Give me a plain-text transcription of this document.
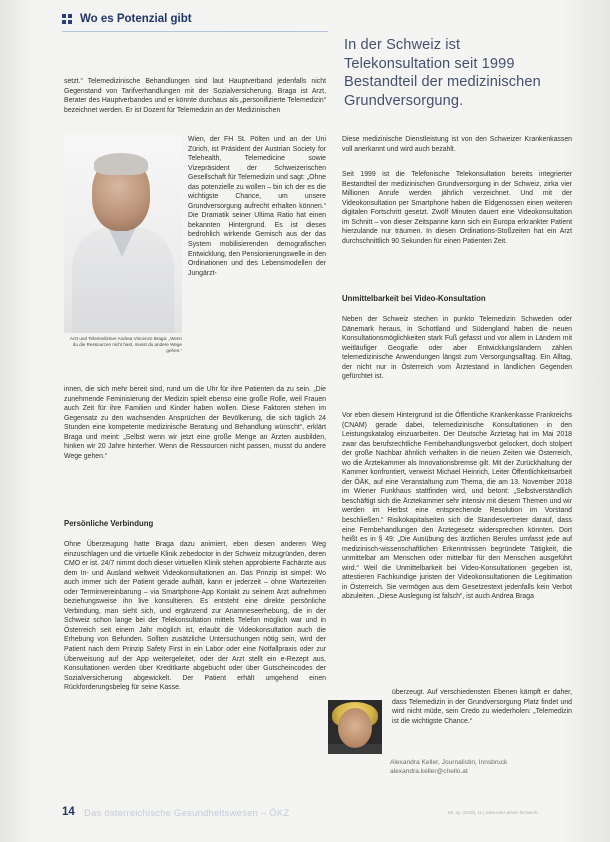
Wo es Potenzial gibt
In der Schweiz ist Telekonsultation seit 1999 Bestandteil der medizinischen Grundversorgung.

setzt.“ Telemedizinische Behandlungen sind laut Hauptverband jedenfalls nicht Gegenstand von Tarifverhandlungen mit der Sozialversicherung. Braga ist Arzt, Berater des Hauptverbandes und er könnte durchaus als „personifizierte Telemedizin“ bezeichnet werden. Er ist Dozent für Telemedizin an der Medizinischen

Arzt und Telemediziner Andrea Vincenzo Braga: „Wenn du die Ressourcen nicht hast, musst du andere Wege gehen.“

Wien, der FH St. Pölten und an der Uni Zürich, ist Präsident der Austrian Society for Telehealth, Telemedicine sowie Vizepräsident der Schweizerischen Gesellschaft für Telemedizin und sagt: „Ohne das potenzielle zu wollen – bin ich der es die wichtigste Chance, um unsere Grundversorgung aufrecht erhalten können.“ Die Dramatik seiner Ultima Ratio hat einen bekannten Hintergrund. Es ist dieses bedrohlich wirkende Gemisch aus der das System mobilisierenden demografischen Entwicklung, den Pensionierungswelle in den Ordinationen und des Lebensmodellen der Jungärzt-

innen, die sich mehr bereit sind, rund um die Uhr für ihre Patienten da zu sein. „Die zunehmende Feminisierung der Medizin spielt ebenso eine große Rolle, weil Frauen auch Zeit für ihre Familien und Kinder haben wollen. Diese Faktoren stehen im Gegensatz zu den wachsenden Ansprüchen der Bevölkerung, die sich täglich 24 Stunden eine kompetente medizinische Beratung und Behandlung wünscht“, erklärt Braga und meint: „Selbst wenn wir jetzt eine große Menge an Ärzten ausbilden, hinken wir 20 Jahre hinterher. Wenn die Ressourcen nicht passen, musst du andere Wege gehen.“

Persönliche Verbindung

Ohne Überzeugung hatte Braga dazu animiert, eben diesen anderen Weg einzuschlagen und die virtuelle Klinik zebedoctor in der Schweiz mitzugründen, deren CMO er ist. 24/7 nimmt doch dieser virtuellen Klinik stehen approbierte Fachärzte aus dem In- und Ausland weltweit Videokonsultationen an. Das Prinzip ist simpel: Wo auch immer sich der Patient gerade aufhält, kann er jederzeit – ohne Wartezeiten oder Terminvereinbarung – via Smartphone-App Kontakt zu seinem Arzt aufnehmen beziehungsweise ihn live konsultieren. Es entsteht eine direkte persönliche Verbindung, man sieht sich, und ergänzend zur Anamneseerhebung, die in der Schweiz schon lange bei der Telekonsultation mittels Telefon möglich war und in Österreich seit einem Jahr möglich ist, erlaubt die Videokonsultation auch die Erhebung von Befunden. Sollten zusätzliche Untersuchungen nötig sein, wird der Patient nach dem Prinzip Safety First in ein Labor oder eine Notfallpraxis oder zur Überweisung auf der App weitergeleitet, oder der Arzt stellt ein e-Rezept aus. Konsultationen werden über Kreditkarte abgebucht oder über Gutscheincodes der Sozialversicherung abgewickelt. Der Patient erhält umgehend einen Rückforderungsbeleg für seine Kasse.

Diese medizinische Dienstleistung ist von den Schweizer Krankenkassen voll anerkannt und wird auch bezahlt.

Seit 1999 ist die Telefonische Telekonsultation bereits integrierter Bestandteil der medizinischen Grundversorgung in der Schweiz, zirka vier Millionen Anrufe werden jährlich verzeichnet. Und mit der Videokonsultation per Smartphone haben die Eidgenossen einen weiteren digitalen Fortschritt gesetzt. Zwölf Minuten dauert eine Videokonsultation im Schnitt – von dieser Zeitspanne kann sich ein Europa erkrankter Patient hierzulande nur träumen. In diesen Ordinations-Stoßzeiten hat ein Arzt durchschnittlich 90 Sekunden für einen Patienten Zeit.

Unmittelbarkeit bei Video-Konsultation

Neben der Schweiz stechen in punkto Telemedizin Schweden oder Dänemark heraus, in Schottland und Südengland haben die neuen Konsultationsmöglichkeiten stark Fuß gefasst und vor allem in Ländern mit weitläufiger Geografie oder aber Entwicklungsländern zählen telemedizinische Anwendungen längst zum Versorgungsalltag. Ein Alltag, der nicht nur in Österreich vom Ärztestand in ländlichen Gegenden gefürchtet ist.

Vor eben diesem Hintergrund ist die Öffentliche Krankenkasse Frankreichs (CNAM) gerade dabei, telemedizinische Konsultationen in den Leistungskatalog einzuarbeiten. Der Deutsche Ärztetag hat im Mai 2018 zwar das berufsrechtliche Fernbehandlungsverbot gelockert, doch stolpert der große Nachbar ähnlich verhalten in die neuen Zeiten wie Österreich, wo die Ärztekammer als Innovationsbremse gilt. Mit der Zurückhaltung der Kammer konfrontiert, verweist Michael Heinrich, Leiter Öffentlichkeitsarbeit der ÖÄK, auf eine Veranstaltung zum Thema, die am 13. November 2018 im Wiener Funkhaus stattfinden wird, und betont: „Selbstverständlich beschäftigt sich die Ärztekammer sehr intensiv mit diesem Themen und wir werden im Herbst eine entsprechende Resolution im Vorstand beschließen.“ Risikokapitalseiten sich die Standesvertreter darauf, dass eine Fernbehandlungen den Ärztegesetz widersprechen könnten. Dort heißt es in § 49: „Die Ausübung des ärztlichen Berufes umfasst jede auf medizinisch-wissenschaftlichen Erkenntnissen begründete Tätigkeit, die unmittelbar am Menschen oder mittelbar für den Menschen ausgeführt wird.“ Weil die Unmittelbarkeit bei Video-Konsultationen gegeben ist, attestieren Fachkundige juristen der Videokonsultationen die Legitimation in Österreich. Sie vermögen aus dem Gesetzestext jedenfalls kein Verbot abzuleiten. „Diese Auslegung ist falsch“, ist auch Andrea Braga

überzeugt. Auf verschiedensten Ebenen kämpft er daher, dass Telemedizin in der Grundversorgung Platz findet und wird nicht müde, sein Credo zu wiederholen: „Telemedizin ist die wichtigste Chance.“

Alexandra Keller, Journalistin, Innsbruck
alexandra.keller@chello.at
14 Das österreichische Gesundheitswesen – ÖKZ	59. Jg. (2018), 11 | www.oekz.at/okz-fachwerk
